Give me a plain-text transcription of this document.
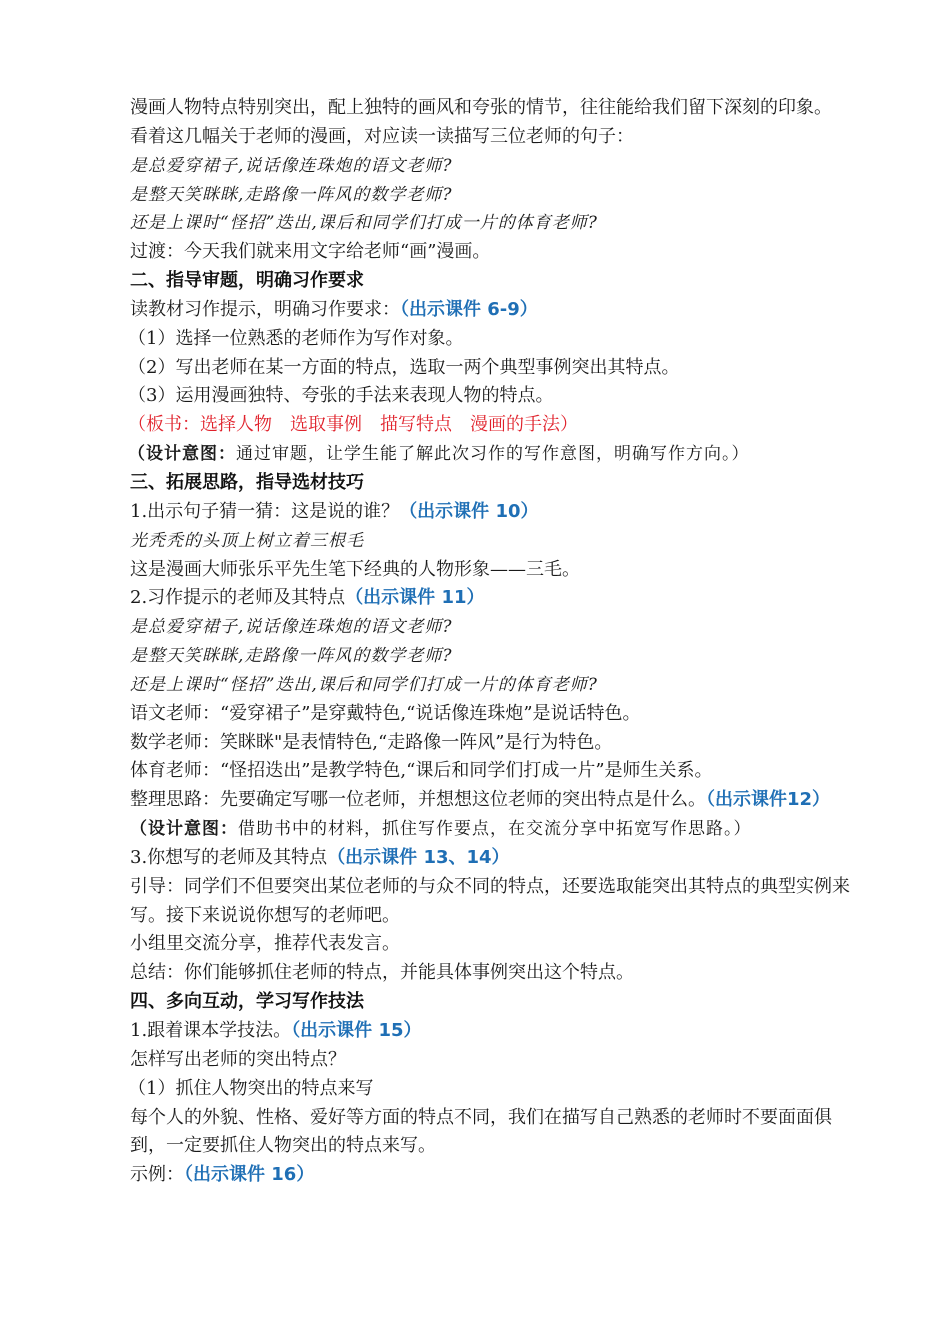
漫画人物特点特别突出，配上独特的画风和夸张的情节，往往能给我们留下深刻的印象。
看着这几幅关于老师的漫画，对应读一读描写三位老师的句子：
是总爱穿裙子,说话像连珠炮的语文老师?
是整天笑眯眯,走路像一阵风的数学老师?
还是上课时“怪招”迭出,课后和同学们打成一片的体育老师?
过渡：今天我们就来用文字给老师“画”漫画。
二、指导审题，明确习作要求
读教材习作提示，明确习作要求：（出示课件 6-9）
（1）选择一位熟悉的老师作为写作对象。
（2）写出老师在某一方面的特点，选取一两个典型事例突出其特点。
（3）运用漫画独特、夸张的手法来表现人物的特点。
（板书：选择人物　选取事例　描写特点　漫画的手法）
（设计意图：通过审题，让学生能了解此次习作的写作意图，明确写作方向。）
三、拓展思路，指导选材技巧
1.出示句子猜一猜：这是说的谁？（出示课件 10）
光秃秃的头顶上树立着三根毛
这是漫画大师张乐平先生笔下经典的人物形象——三毛。
2.习作提示的老师及其特点（出示课件 11）
是总爱穿裙子,说话像连珠炮的语文老师?
是整天笑眯眯,走路像一阵风的数学老师?
还是上课时“怪招”迭出,课后和同学们打成一片的体育老师?
语文老师：“爱穿裙子”是穿戴特色,“说话像连珠炮”是说话特色。
数学老师：笑眯眯"是表情特色,“走路像一阵风”是行为特色。
体育老师：“怪招迭出”是教学特色,“课后和同学们打成一片”是师生关系。
整理思路：先要确定写哪一位老师，并想想这位老师的突出特点是什么。（出示课件12）
（设计意图：借助书中的材料，抓住写作要点，在交流分享中拓宽写作思路。）
3.你想写的老师及其特点（出示课件 13、14）
引导：同学们不但要突出某位老师的与众不同的特点，还要选取能突出其特点的典型实例来写。接下来说说你想写的老师吧。
小组里交流分享，推荐代表发言。
总结：你们能够抓住老师的特点，并能具体事例突出这个特点。
四、多向互动，学习写作技法
1.跟着课本学技法。（出示课件 15）
怎样写出老师的突出特点？
（1）抓住人物突出的特点来写
每个人的外貌、性格、爱好等方面的特点不同，我们在描写自己熟悉的老师时不要面面俱到，一定要抓住人物突出的特点来写。
示例：（出示课件 16）
